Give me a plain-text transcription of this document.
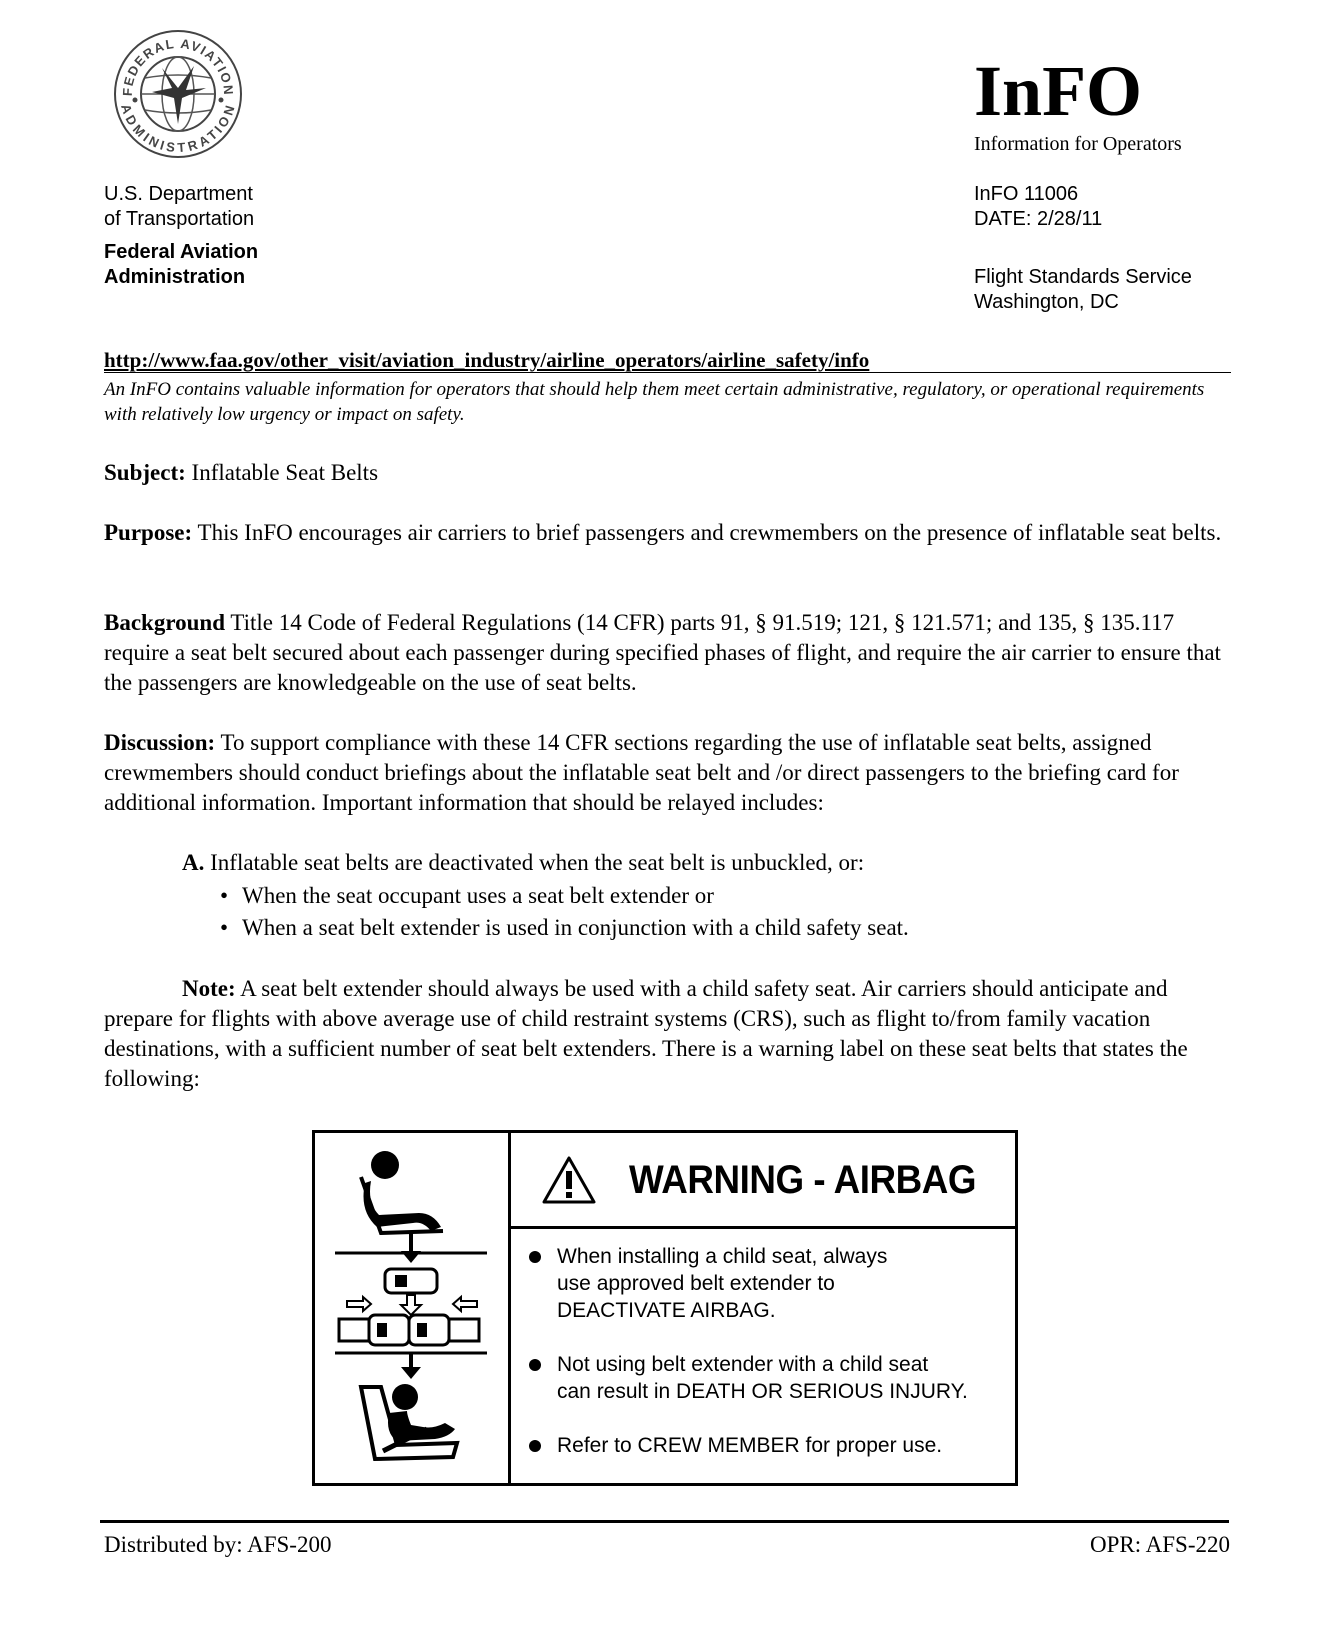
FEDERAL AVIATION
ADMINISTRATION	InFO
Information for Operators
U.S. Department
of Transportation
Federal Aviation
Administration
InFO 11006
DATE: 2/28/11
Flight Standards Service
Washington, DC
http://www.faa.gov/other_visit/aviation_industry/airline_operators/airline_safety/info
An InFO contains valuable information for operators that should help them meet certain administrative, regulatory, or operational requirements with relatively low urgency or impact on safety.
Subject: Inflatable Seat Belts
Purpose: This InFO encourages air carriers to brief passengers and crewmembers on the presence of inflatable seat belts.
Background Title 14 Code of Federal Regulations (14 CFR) parts 91, § 91.519; 121, § 121.571; and 135, § 135.117 require a seat belt secured about each passenger during specified phases of flight, and require the air carrier to ensure that the passengers are knowledgeable on the use of seat belts.
Discussion: To support compliance with these 14 CFR sections regarding the use of inflatable seat belts, assigned crewmembers should conduct briefings about the inflatable seat belt and /or direct passengers to the briefing card for additional information. Important information that should be relayed includes:
A. Inflatable seat belts are deactivated when the seat belt is unbuckled, or:
• When the seat occupant uses a seat belt extender or
• When a seat belt extender is used in conjunction with a child safety seat.
Note: A seat belt extender should always be used with a child safety seat. Air carriers should anticipate and prepare for flights with above average use of child restraint systems (CRS), such as flight to/from family vacation destinations, with a sufficient number of seat belt extenders. There is a warning label on these seat belts that states the following:
WARNING - AIRBAG
When installing a child seat, always
use approved belt extender to
DEACTIVATE AIRBAG.
Not using belt extender with a child seat
can result in DEATH OR SERIOUS INJURY.
Refer to CREW MEMBER for proper use.
Distributed by: AFS-200	OPR: AFS-220
